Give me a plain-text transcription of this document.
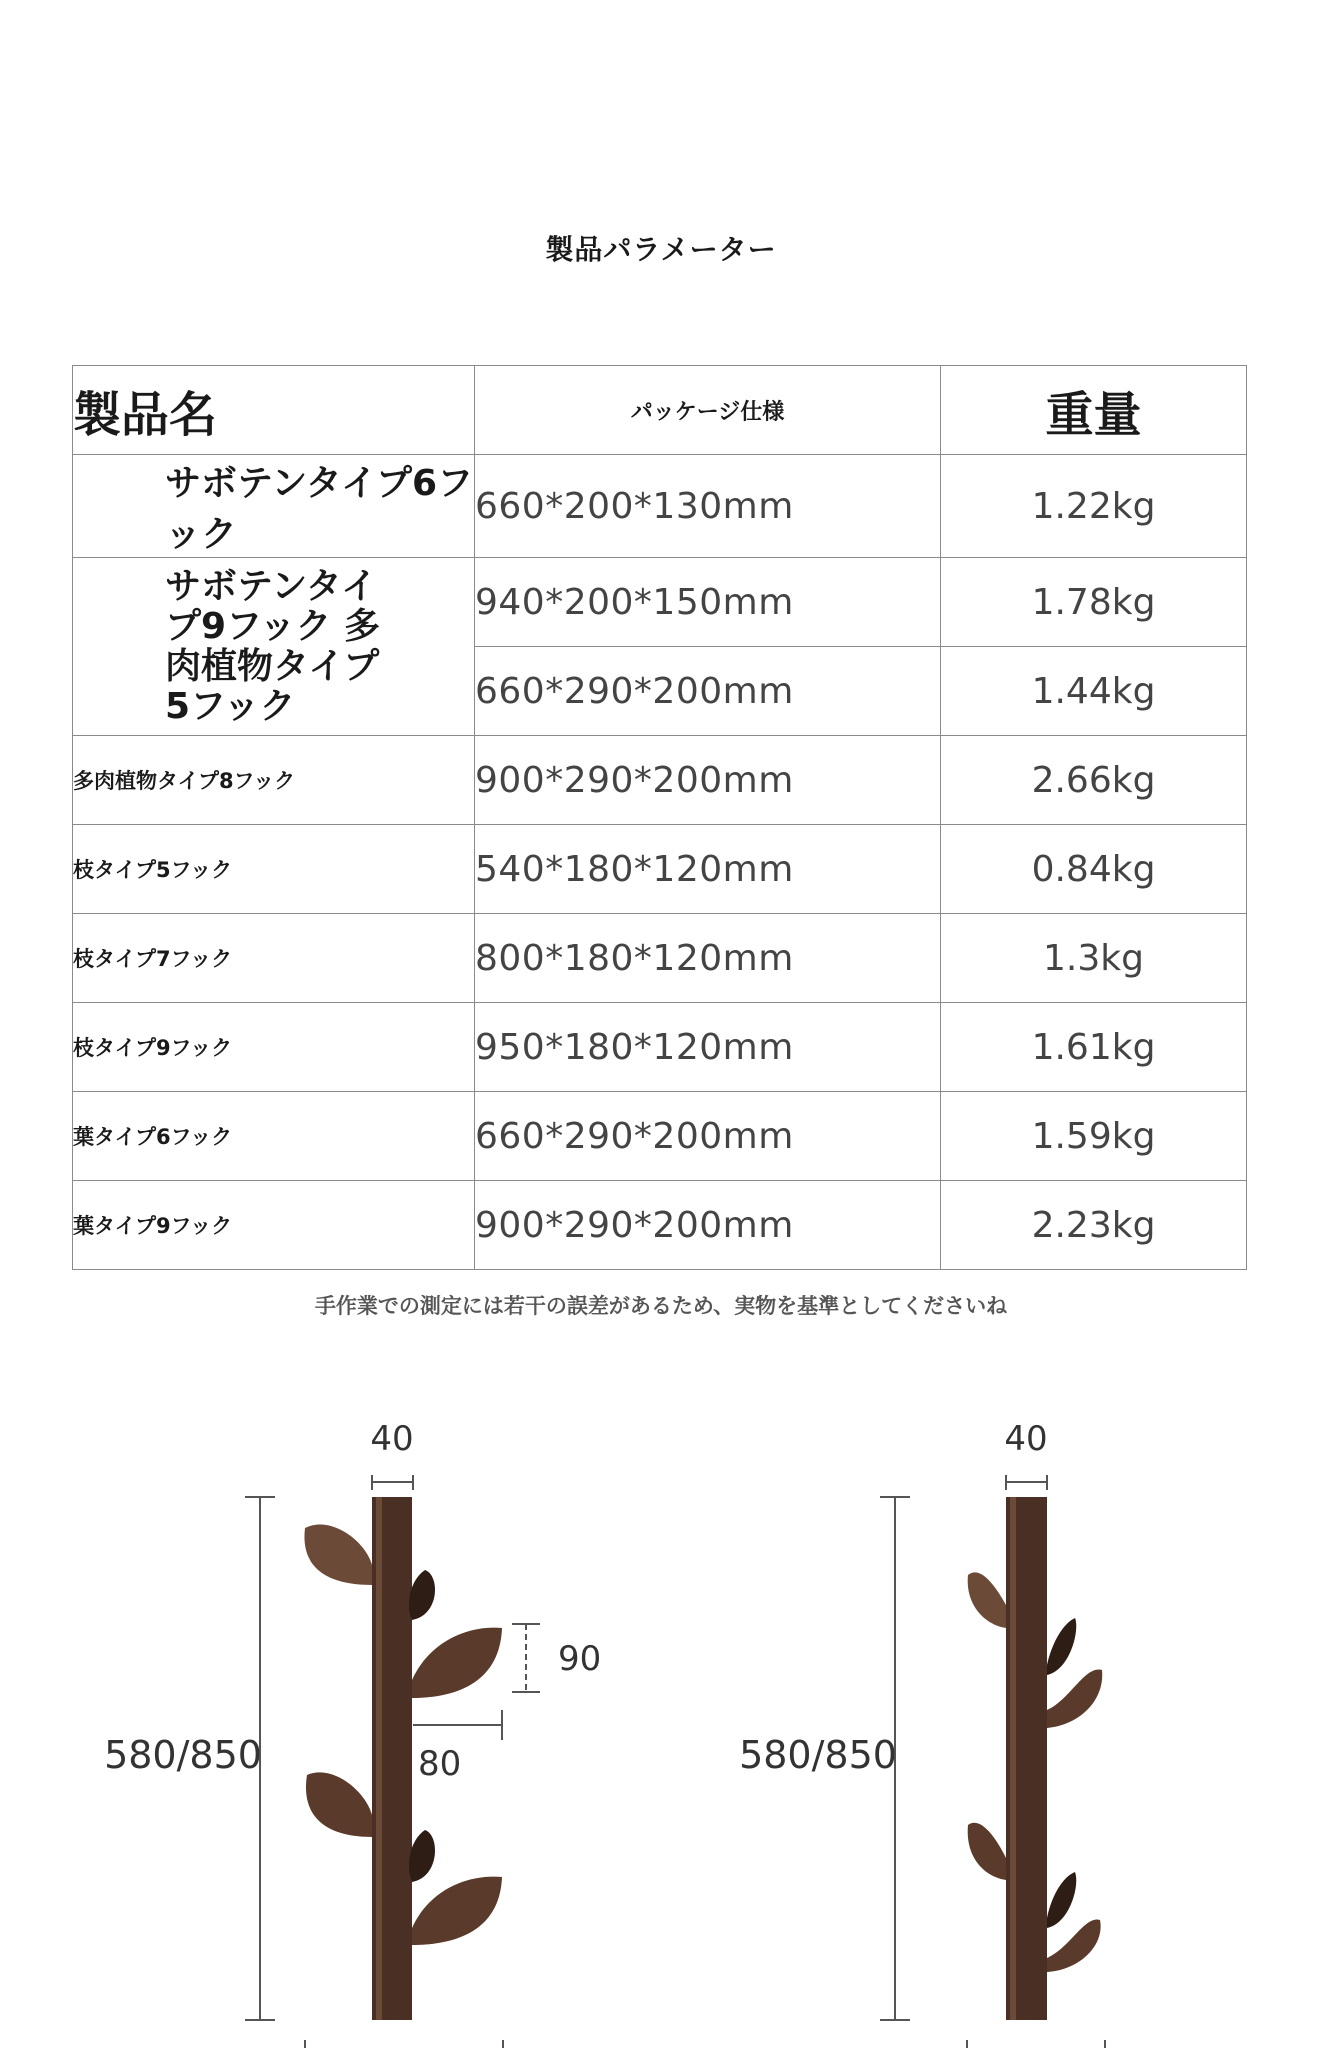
製品パラメーター
製品名	パッケージ仕様	重量
サボテンタイプ6フック	660*200*130mm	1.22kg

サボテンタイプ9フック 多肉植物タイプ5フック	940*200*150mm	1.78kg
	660*290*200mm	1.44kg
多肉植物タイプ8フック	900*290*200mm	2.66kg
枝タイプ5フック	540*180*120mm	0.84kg
枝タイプ7フック	800*180*120mm	1.3kg
枝タイプ9フック	950*180*120mm	1.61kg
葉タイプ6フック	660*290*200mm	1.59kg
葉タイプ9フック	900*290*200mm	2.23kg
手作業での測定には若干の誤差があるため、実物を基準としてくださいね
40
580/850
90
80
40
580/850
